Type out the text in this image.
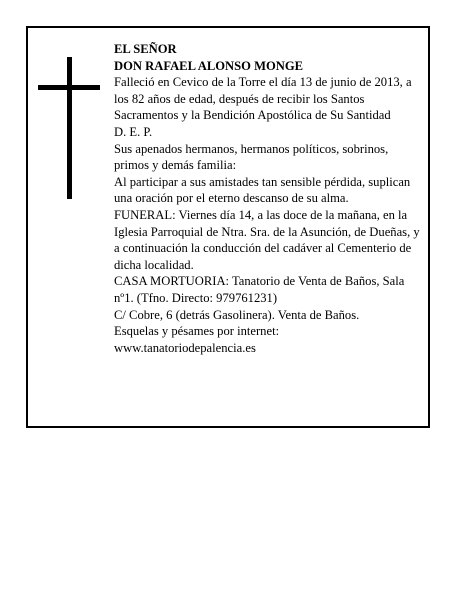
EL SEÑOR

DON RAFAEL ALONSO MONGE

Falleció en Cevico de la Torre el día 13 de junio de 2013, a los 82 años de edad, después de recibir los Santos Sacramentos y la Bendición Apostólica de Su Santidad

D. E. P.

Sus apenados hermanos, hermanos políticos, sobrinos, primos y demás familia:

Al participar a sus amistades tan sensible pérdida, suplican una oración por el eterno descanso de su alma.

FUNERAL: Viernes día 14, a las doce de la mañana, en la Iglesia Parroquial de Ntra. Sra. de la Asunción, de Dueñas, y a continuación la conducción del cadáver al Cementerio de dicha localidad.

CASA MORTUORIA: Tanatorio de Venta de Baños, Sala nº1. (Tfno. Directo: 979761231)

C/ Cobre, 6 (detrás Gasolinera). Venta de Baños.

Esquelas y pésames por internet:

www.tanatoriodepalencia.es
